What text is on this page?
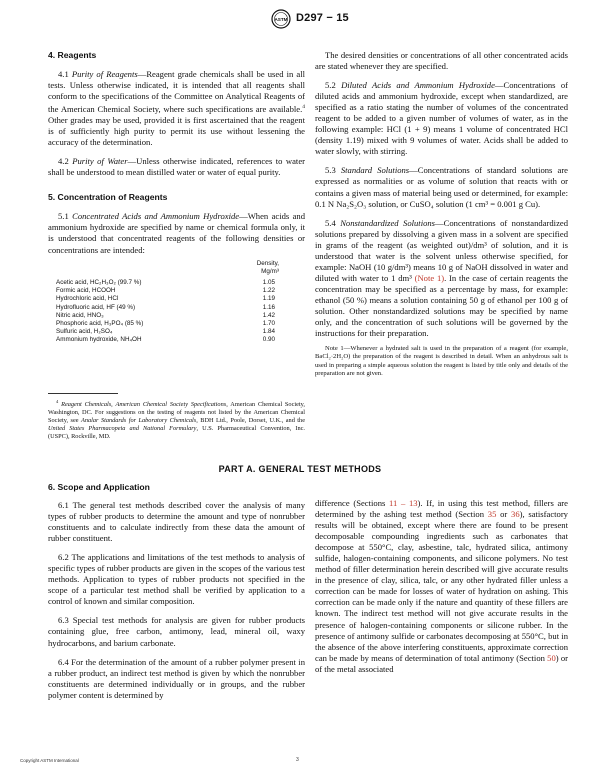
ASTM D297 − 15
4. Reagents

4.1 Purity of Reagents—Reagent grade chemicals shall be used in all tests. Unless otherwise indicated, it is intended that all reagents shall conform to the specifications of the Committee on Analytical Reagents of the American Chemical Society, where such specifications are available.$^4$ Other grades may be used, provided it is first ascertained that the reagent is of sufficiently high purity to permit its use without lessening the accuracy of the determination.

4.2 Purity of Water—Unless otherwise indicated, references to water shall be understood to mean distilled water or water of equal purity.

5. Concentration of Reagents

5.1 Concentrated Acids and Ammonium Hydroxide—When acids and ammonium hydroxide are specified by name or chemical formula only, it is understood that concentrated reagents of the following densities or concentrations are intended:

Density,
Mg/m³
Acetic acid, HC₂H₃O₂ (99.7 %)	1.05
Formic acid, HCOOH	1.22
Hydrochloric acid, HCl	1.19
Hydrofluoric acid, HF (49 %)	1.16
Nitric acid, HNO₃	1.42
Phosphoric acid, H₃PO₄ (85 %)	1.70
Sulfuric acid, H₂SO₄	1.84
Ammonium hydroxide, NH₄OH	0.90
$^4$ Reagent Chemicals, American Chemical Society Specifications, American Chemical Society, Washington, DC. For suggestions on the testing of reagents not listed by the American Chemical Society, see Analar Standards for Laboratory Chemicals, BDH Ltd., Poole, Dorset, U.K., and the United States Pharmacopeia and National Formulary, U.S. Pharmaceutical Convention, Inc. (USPC), Rockville, MD.

The desired densities or concentrations of all other concentrated acids are stated whenever they are specified.

5.2 Diluted Acids and Ammonium Hydroxide—Concentrations of diluted acids and ammonium hydroxide, except when standardized, are specified as a ratio stating the number of volumes of the concentrated reagent to be added to a given number of volumes of water, as in the following example: HCl (1 + 9) means 1 volume of concentrated HCl (density 1.19) mixed with 9 volumes of water. Acids shall be added to water slowly, with stirring.

5.3 Standard Solutions—Concentrations of standard solutions are expressed as normalities or as volume of solution that reacts with or contains a given mass of material being used or determined, for example: 0.1 N Na₂S₂O₃ solution, or CuSO₄ solution (1 cm³ = 0.001 g Cu).

5.4 Nonstandardized Solutions—Concentrations of nonstandardized solutions prepared by dissolving a given mass in a solvent are specified in grams of the reagent (as weighted out)/dm³ of solution, and it is understood that water is the solvent unless otherwise specified, for example: NaOH (10 g/dm³) means 10 g of NaOH dissolved in water and diluted with water to 1 dm³ (Note 1). In the case of certain reagents the concentration may be specified as a percentage by mass, for example: ethanol (50 %) means a solution containing 50 g of ethanol per 100 g of solution. Other nonstandardized solutions may be specified by name only, and the concentration of such solutions will be governed by the instructions for their preparation.

Note 1—Whenever a hydrated salt is used in the preparation of a reagent (for example, BaCl₂·2H₂O) the preparation of the reagent is described in detail. When an anhydrous salt is used in preparing a simple aqueous solution the reagent is listed by title only and details of the preparation are not given.

PART A. GENERAL TEST METHODS
6. Scope and Application

6.1 The general test methods described cover the analysis of many types of rubber products to determine the amount and type of nonrubber constituents and to calculate indirectly from these data the amount of rubber constituent.

6.2 The applications and limitations of the test methods to analysis of specific types of rubber products are given in the scopes of the various test methods. Application to types of rubber products not specified in the scope of a particular test method shall be verified by application to a control of known and similar composition.

6.3 Special test methods for analysis are given for rubber products containing glue, free carbon, antimony, lead, mineral oil, waxy hydrocarbons, and barium carbonate.

6.4 For the determination of the amount of a rubber polymer present in a rubber product, an indirect test method is given by which the nonrubber constituents are determined individually or in groups, and the rubber polymer content is determined by

difference (Sections 11 – 13). If, in using this test method, fillers are determined by the ashing test method (Section 35 or 36), satisfactory results will be obtained, except where there are found to be present decomposable compounding ingredients such as carbonates that decompose at 550°C, clay, asbestine, talc, hydrated silica, antimony sulfide, halogen-containing components, and silicone polymers. No test method of filler determination herein described will give accurate results in the presence of clay, silica, talc, or any other hydrated filler unless a correction can be made for losses of water of hydration on ashing. This correction can be made only if the nature and quantity of these fillers are known. The indirect test method will not give accurate results in the presence of halogen-containing components or silicone rubber. In the presence of antimony sulfide or carbonates decomposing at 550°C, but in the absence of the above interfering constituents, approximate correction can be made by means of determination of total antimony (Section 50) or of the metal associated

Copyright ASTM International	3
